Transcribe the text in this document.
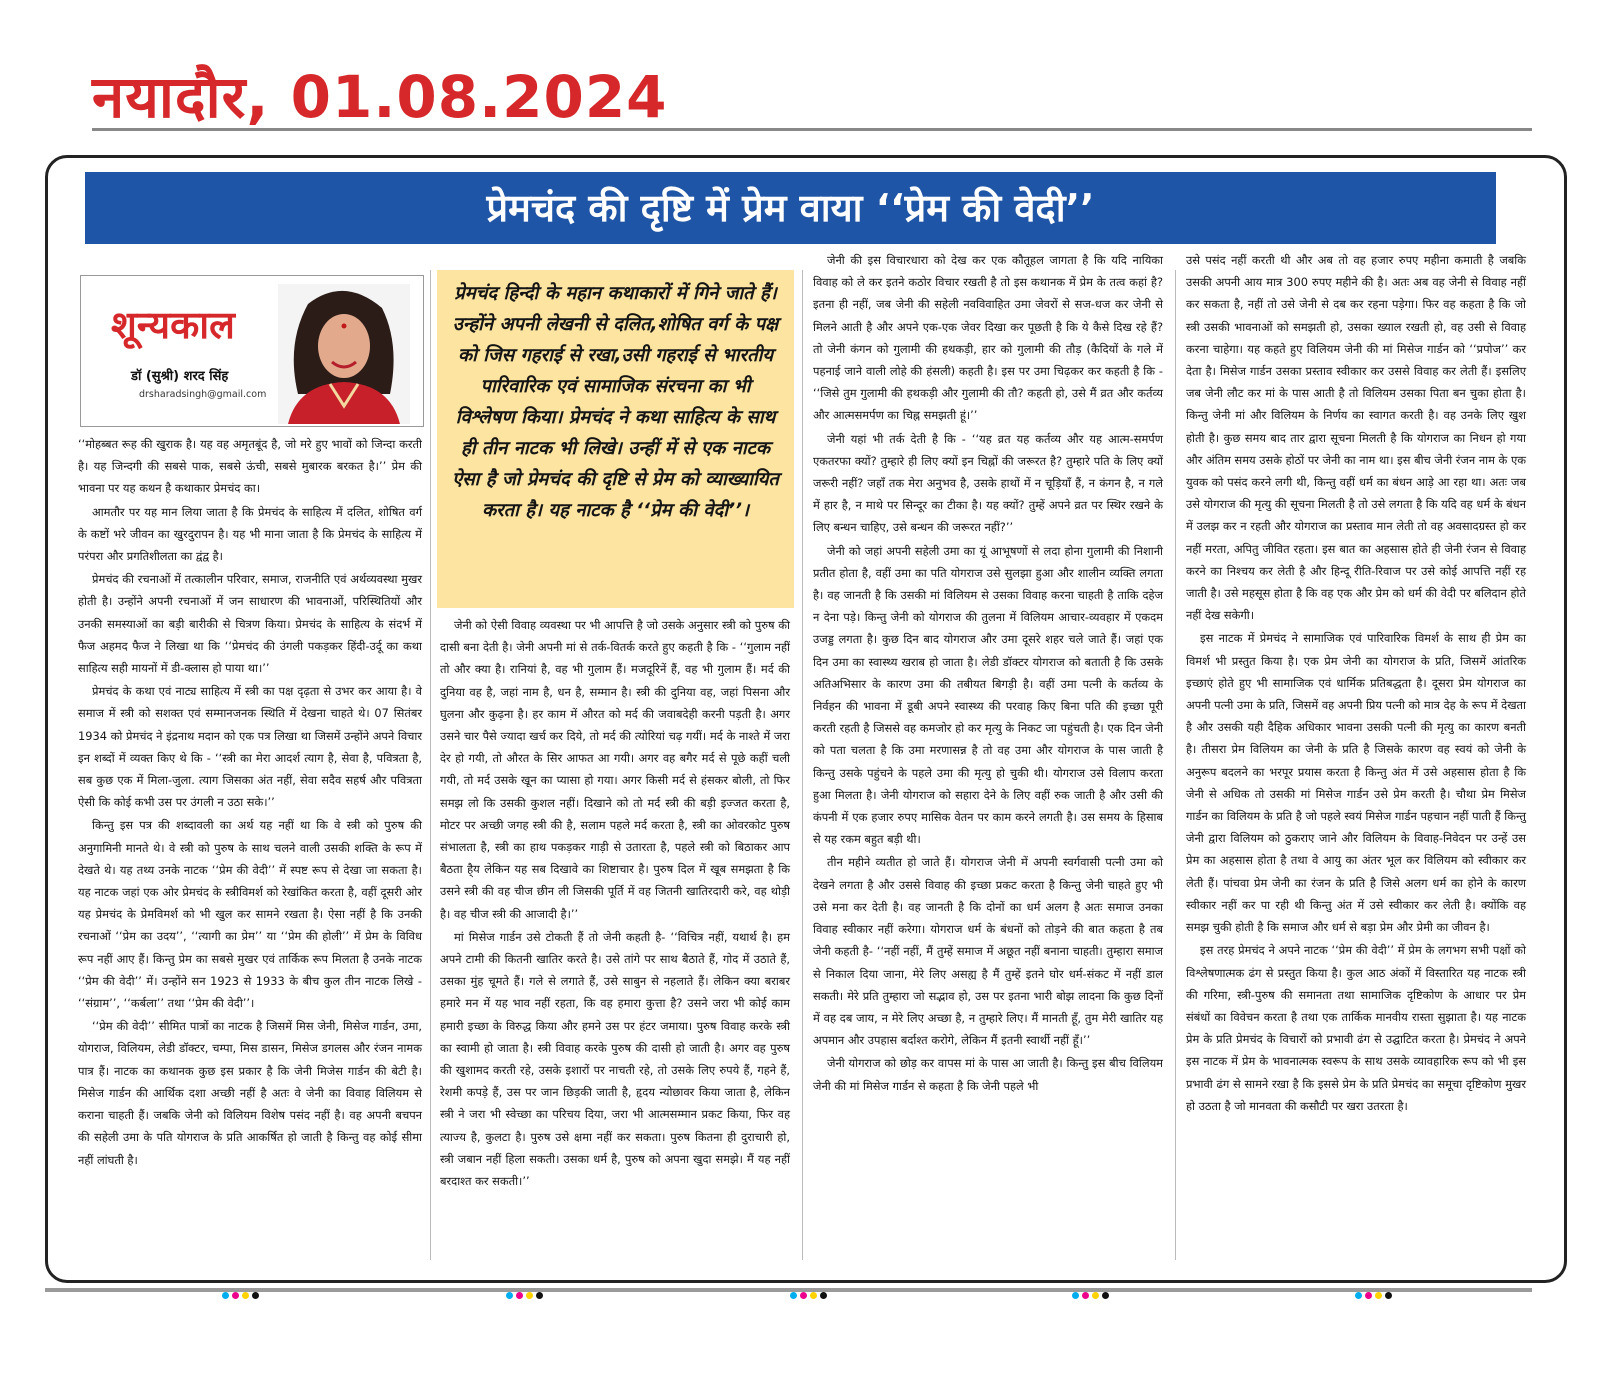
नयादौर, 01.08.2024
प्रेमचंद की दृष्टि में प्रेम वाया ‘‘प्रेम की वेदी’’
शून्यकाल
डॉ (सुश्री) शरद सिंह
drsharadsingh@gmail.com
प्रेमचंद हिन्दी के महान कथाकारों में गिने जाते हैं। उन्होंने अपनी लेखनी से दलित,शोषित वर्ग के पक्ष को जिस गहराई से रखा,उसी गहराई से भारतीय पारिवारिक एवं सामाजिक संरचना का भी विश्लेषण किया। प्रेमचंद ने कथा साहित्य के साथ ही तीन नाटक भी लिखे। उन्हीं में से एक नाटक ऐसा है जो प्रेमचंद की दृष्टि से प्रेम को व्याख्यायित करता है। यह नाटक है ‘‘प्रेम की वेदी’’।

‘‘मोहब्बत रूह की खुराक है। यह वह अमृतबूंद है, जो मरे हुए भावों को जिन्दा करती है। यह जिन्दगी की सबसे पाक, सबसे ऊंची, सबसे मुबारक बरकत है।’’ प्रेम की भावना पर यह कथन है कथाकार प्रेमचंद का।

आमतौर पर यह मान लिया जाता है कि प्रेमचंद के साहित्य में दलित, शोषित वर्ग के कष्टों भरे जीवन का खुरदुरापन है। यह भी माना जाता है कि प्रेमचंद के साहित्य में परंपरा और प्रगतिशीलता का द्वंद्व है।

प्रेमचंद की रचनाओं में तत्कालीन परिवार, समाज, राजनीति एवं अर्थव्यवस्था मुखर होती है। उन्होंने अपनी रचनाओं में जन साधारण की भावनाओं, परिस्थितियों और उनकी समस्याओं का बड़ी बारीकी से चित्रण किया। प्रेमचंद के साहित्य के संदर्भ में फैज अहमद फैज ने लिखा था कि ‘‘प्रेमचंद की उंगली पकड़कर हिंदी-उर्दू का कथा साहित्य सही मायनों में डी-क्लास हो पाया था।’’

प्रेमचंद के कथा एवं नाट्य साहित्य में स्त्री का पक्ष दृढ़ता से उभर कर आया है। वे समाज में स्त्री को सशक्त एवं सम्मानजनक स्थिति में देखना चाहते थे। 07 सितंबर 1934 को प्रेमचंद ने इंद्रनाथ मदान को एक पत्र लिखा था जिसमें उन्होंने अपने विचार इन शब्दों में व्यक्त किए थे कि - ‘‘स्त्री का मेरा आदर्श त्याग है, सेवा है, पवित्रता है, सब कुछ एक में मिला-जुला. त्याग जिसका अंत नहीं, सेवा सदैव सहर्ष और पवित्रता ऐसी कि कोई कभी उस पर उंगली न उठा सके।’’

किन्तु इस पत्र की शब्दावली का अर्थ यह नहीं था कि वे स्त्री को पुरुष की अनुगामिनी मानते थे। वे स्त्री को पुरुष के साथ चलने वाली उसकी शक्ति के रूप में देखते थे। यह तथ्य उनके नाटक ‘‘प्रेम की वेदी’’ में स्पष्ट रूप से देखा जा सकता है। यह नाटक जहां एक ओर प्रेमचंद के स्त्रीविमर्श को रेखांकित करता है, वहीं दूसरी ओर यह प्रेमचंद के प्रेमविमर्श को भी खुल कर सामने रखता है। ऐसा नहीं है कि उनकी रचनाओं ‘‘प्रेम का उदय’’, ‘‘त्यागी का प्रेम’’ या ‘‘प्रेम की होली’’ में प्रेम के विविध रूप नहीं आए हैं। किन्तु प्रेम का सबसे मुखर एवं तार्किक रूप मिलता है उनके नाटक ‘‘प्रेम की वेदी’’ में। उन्होंने सन 1923 से 1933 के बीच कुल तीन नाटक लिखे - ‘‘संग्राम’’, ‘‘कर्बला’’ तथा ‘‘प्रेम की वेदी’’।

‘‘प्रेम की वेदी’’ सीमित पात्रों का नाटक है जिसमें मिस जेनी, मिसेज गार्डन, उमा, योगराज, विलियम, लेडी डॉक्टर, चम्पा, मिस डासन, मिसेज डगलस और रंजन नामक पात्र हैं। नाटक का कथानक कुछ इस प्रकार है कि जेनी मिजेस गार्डन की बेटी है। मिसेज गार्डन की आर्थिक दशा अच्छी नहीं है अतः वे जेनी का विवाह विलियम से कराना चाहती हैं। जबकि जेनी को विलियम विशेष पसंद नहीं है। वह अपनी बचपन की सहेली उमा के पति योगराज के प्रति आकर्षित हो जाती है किन्तु वह कोई सीमा नहीं लांघती है।

जेनी को ऐसी विवाह व्यवस्था पर भी आपत्ति है जो उसके अनुसार स्त्री को पुरुष की दासी बना देती है। जेनी अपनी मां से तर्क-वितर्क करते हुए कहती है कि - ‘‘गुलाम नहीं तो और क्या है। रानियां है, वह भी गुलाम हैं। मजदूरिनें हैं, वह भी गुलाम हैं। मर्द की दुनिया वह है, जहां नाम है, धन है, सम्मान है। स्त्री की दुनिया वह, जहां पिसना और घुलना और कुढ़ना है। हर काम में औरत को मर्द की जवाबदेही करनी पड़ती है। अगर उसने चार पैसे ज्यादा खर्च कर दिये, तो मर्द की त्योरियां चढ़ गयीं। मर्द के नाश्ते में जरा देर हो गयी, तो औरत के सिर आफत आ गयी। अगर वह बगैर मर्द से पूछे कहीं चली गयी, तो मर्द उसके खून का प्यासा हो गया। अगर किसी मर्द से हंसकर बोली, तो फिर समझ लो कि उसकी कुशल नहीं। दिखाने को तो मर्द स्त्री की बड़ी इज्जत करता है, मोटर पर अच्छी जगह स्त्री की है, सलाम पहले मर्द करता है, स्त्री का ओवरकोट पुरुष संभालता है, स्त्री का हाथ पकड़कर गाड़ी से उतारता है, पहले स्त्री को बिठाकर आप बैठता है्य लेकिन यह सब दिखावे का शिष्टाचार है। पुरुष दिल में खूब समझता है कि उसने स्त्री की वह चीज छीन ली जिसकी पूर्ति में वह जितनी खातिरदारी करे, वह थोड़ी है। वह चीज स्त्री की आजादी है।’’

मां मिसेज गार्डन उसे टोकती हैं तो जेनी कहती है- ‘‘विचित्र नहीं, यथार्थ है। हम अपने टामी की कितनी खातिर करते है। उसे तांगे पर साथ बैठाते हैं, गोद में उठाते हैं, उसका मुंह चूमते हैं। गले से लगाते हैं, उसे साबुन से नहलाते हैं। लेकिन क्या बराबर हमारे मन में यह भाव नहीं रहता, कि वह हमारा कुत्ता है? उसने जरा भी कोई काम हमारी इच्छा के विरुद्ध किया और हमने उस पर हंटर जमाया। पुरुष विवाह करके स्त्री का स्वामी हो जाता है। स्त्री विवाह करके पुरुष की दासी हो जाती है। अगर वह पुरुष की खुशामद करती रहे, उसके इशारों पर नाचती रहे, तो उसके लिए रुपये हैं, गहने हैं, रेशमी कपड़े हैं, उस पर जान छिड़की जाती है, हृदय न्योछावर किया जाता है, लेकिन स्त्री ने जरा भी स्वेच्छा का परिचय दिया, जरा भी आत्मसम्मान प्रकट किया, फिर वह त्याज्य है, कुलटा है। पुरुष उसे क्षमा नहीं कर सकता। पुरुष कितना ही दुराचारी हो, स्त्री जबान नहीं हिला सकती। उसका धर्म है, पुरुष को अपना खुदा समझे। मैं यह नहीं बरदाश्त कर सकती।’’

जेनी की इस विचारधारा को देख कर एक कौतूहल जागता है कि यदि नायिका विवाह को ले कर इतने कठोर विचार रखती है तो इस कथानक में प्रेम के तत्व कहां है? इतना ही नहीं, जब जेनी की सहेली नवविवाहित उमा जेवरों से सज-धज कर जेनी से मिलने आती है और अपने एक-एक जेवर दिखा कर पूछती है कि ये कैसे दिख रहे हैं? तो जेनी कंगन को गुलामी की हथकड़ी, हार को गुलामी की तौड़ (कैदियों के गले में पहनाई जाने वाली लोहे की हंसली) कहती है। इस पर उमा चिढ़कर कर कहती है कि - ‘‘जिसे तुम गुलामी की हथकड़ी और गुलामी की तौ? कहती हो, उसे मैं व्रत और कर्तव्य और आत्मसमर्पण का चिह्न समझती हूं।’’

जेनी यहां भी तर्क देती है कि - ‘‘यह व्रत यह कर्तव्य और यह आत्म-समर्पण एकतरफा क्यों? तुम्हारे ही लिए क्यों इन चिह्नों की जरूरत है? तुम्हारे पति के लिए क्यों जरूरी नहीं? जहाँ तक मेरा अनुभव है, उसके हाथों में न चूड़ियाँ हैं, न कंगन है, न गले में हार है, न माथे पर सिन्दूर का टीका है। यह क्यों? तुम्हें अपने व्रत पर स्थिर रखने के लिए बन्धन चाहिए, उसे बन्धन की जरूरत नहीं?’’

जेनी को जहां अपनी सहेली उमा का यूं आभूषणों से लदा होना गुलामी की निशानी प्रतीत होता है, वहीं उमा का पति योगराज उसे सुलझा हुआ और शालीन व्यक्ति लगता है। वह जानती है कि उसकी मां विलियम से उसका विवाह करना चाहती है ताकि दहेज न देना पड़े। किन्तु जेनी को योगराज की तुलना में विलियम आचार-व्यवहार में एकदम उजड्ड लगता है। कुछ दिन बाद योगराज और उमा दूसरे शहर चले जाते हैं। जहां एक दिन उमा का स्वास्थ्य खराब हो जाता है। लेडी डॉक्टर योगराज को बताती है कि उसके अतिअभिसार के कारण उमा की तबीयत बिगड़ी है। वहीं उमा पत्नी के कर्तव्य के निर्वहन की भावना में डूबी अपने स्वास्थ्य की परवाह किए बिना पति की इच्छा पूरी करती रहती है जिससे वह कमजोर हो कर मृत्यु के निकट जा पहुंचती है। एक दिन जेनी को पता चलता है कि उमा मरणासन्न है तो वह उमा और योगराज के पास जाती है किन्तु उसके पहुंचने के पहले उमा की मृत्यु हो चुकी थी। योगराज उसे विलाप करता हुआ मिलता है। जेनी योगराज को सहारा देने के लिए वहीं रुक जाती है और उसी की कंपनी में एक हजार रुपए मासिक वेतन पर काम करने लगती है। उस समय के हिसाब से यह रकम बहुत बड़ी थी।

तीन महीने व्यतीत हो जाते हैं। योगराज जेनी में अपनी स्वर्गवासी पत्नी उमा को देखने लगता है और उससे विवाह की इच्छा प्रकट करता है किन्तु जेनी चाहते हुए भी उसे मना कर देती है। वह जानती है कि दोनों का धर्म अलग है अतः समाज उनका विवाह स्वीकार नहीं करेगा। योगराज धर्म के बंधनों को तोड़ने की बात कहता है तब जेनी कहती है- ‘‘नहीं नहीं, मैं तुम्हें समाज में अछूत नहीं बनाना चाहती। तुम्हारा समाज से निकाल दिया जाना, मेरे लिए असह्य है मैं तुम्हें इतने घोर धर्म-संकट में नहीं डाल सकती। मेरे प्रति तुम्हारा जो सद्भाव हो, उस पर इतना भारी बोझ लादना कि कुछ दिनों में वह दब जाय, न मेरे लिए अच्छा है, न तुम्हारे लिए। मैं मानती हूँ, तुम मेरी खातिर यह अपमान और उपहास बर्दाश्त करोगे, लेकिन मैं इतनी स्वार्थी नहीं हूँ।’’

जेनी योगराज को छोड़ कर वापस मां के पास आ जाती है। किन्तु इस बीच विलियम जेनी की मां मिसेज गार्डन से कहता है कि जेनी पहले भी

उसे पसंद नहीं करती थी और अब तो वह हजार रुपए महीना कमाती है जबकि उसकी अपनी आय मात्र 300 रुपए महीने की है। अतः अब वह जेनी से विवाह नहीं कर सकता है, नहीं तो उसे जेनी से दब कर रहना पड़ेगा। फिर वह कहता है कि जो स्त्री उसकी भावनाओं को समझती हो, उसका ख्याल रखती हो, वह उसी से विवाह करना चाहेगा। यह कहते हुए विलियम जेनी की मां मिसेज गार्डन को ‘‘प्रपोज’’ कर देता है। मिसेज गार्डन उसका प्रस्ताव स्वीकार कर उससे विवाह कर लेती हैं। इसलिए जब जेनी लौट कर मां के पास आती है तो विलियम उसका पिता बन चुका होता है। किन्तु जेनी मां और विलियम के निर्णय का स्वागत करती है। वह उनके लिए खुश होती है। कुछ समय बाद तार द्वारा सूचना मिलती है कि योगराज का निधन हो गया और अंतिम समय उसके होठों पर जेनी का नाम था। इस बीच जेनी रंजन नाम के एक युवक को पसंद करने लगी थी, किन्तु वहीं धर्म का बंधन आड़े आ रहा था। अतः जब उसे योगराज की मृत्यु की सूचना मिलती है तो उसे लगता है कि यदि वह धर्म के बंधन में उलझ कर न रहती और योगराज का प्रस्ताव मान लेती तो वह अवसादग्रस्त हो कर नहीं मरता, अपितु जीवित रहता। इस बात का अहसास होते ही जेनी रंजन से विवाह करने का निश्चय कर लेती है और हिन्दू रीति-रिवाज पर उसे कोई आपत्ति नहीं रह जाती है। उसे महसूस होता है कि वह एक और प्रेम को धर्म की वेदी पर बलिदान होते नहीं देख सकेगी।

इस नाटक में प्रेमचंद ने सामाजिक एवं पारिवारिक विमर्श के साथ ही प्रेम का विमर्श भी प्रस्तुत किया है। एक प्रेम जेनी का योगराज के प्रति, जिसमें आंतरिक इच्छाएं होते हुए भी सामाजिक एवं धार्मिक प्रतिबद्धता है। दूसरा प्रेम योगराज का अपनी पत्नी उमा के प्रति, जिसमें वह अपनी प्रिय पत्नी को मात्र देह के रूप में देखता है और उसकी यही दैहिक अधिकार भावना उसकी पत्नी की मृत्यु का कारण बनती है। तीसरा प्रेम विलियम का जेनी के प्रति है जिसके कारण वह स्वयं को जेनी के अनुरूप बदलने का भरपूर प्रयास करता है किन्तु अंत में उसे अहसास होता है कि जेनी से अधिक तो उसकी मां मिसेज गार्डन उसे प्रेम करती है। चौथा प्रेम मिसेज गार्डन का विलियम के प्रति है जो पहले स्वयं मिसेज गार्डन पहचान नहीं पाती हैं किन्तु जेनी द्वारा विलियम को ठुकराए जाने और विलियम के विवाह-निवेदन पर उन्हें उस प्रेम का अहसास होता है तथा वे आयु का अंतर भूल कर विलियम को स्वीकार कर लेती हैं। पांचवा प्रेम जेनी का रंजन के प्रति है जिसे अलग धर्म का होने के कारण स्वीकार नहीं कर पा रही थी किन्तु अंत में उसे स्वीकार कर लेती है। क्योंकि वह समझ चुकी होती है कि समाज और धर्म से बड़ा प्रेम और प्रेमी का जीवन है।

इस तरह प्रेमचंद ने अपने नाटक ‘‘प्रेम की वेदी’’ में प्रेम के लगभग सभी पक्षों को विश्लेषणात्मक ढंग से प्रस्तुत किया है। कुल आठ अंकों में विस्तारित यह नाटक स्त्री की गरिमा, स्त्री-पुरुष की समानता तथा सामाजिक दृष्टिकोण के आधार पर प्रेम संबंधों का विवेचन करता है तथा एक तार्किक मानवीय रास्ता सुझाता है। यह नाटक प्रेम के प्रति प्रेमचंद के विचारों को प्रभावी ढंग से उद्घाटित करता है। प्रेमचंद ने अपने इस नाटक में प्रेम के भावनात्मक स्वरूप के साथ उसके व्यावहारिक रूप को भी इस प्रभावी ढंग से सामने रखा है कि इससे प्रेम के प्रति प्रेमचंद का समूचा दृष्टिकोण मुखर हो उठता है जो मानवता की कसौटी पर खरा उतरता है।
